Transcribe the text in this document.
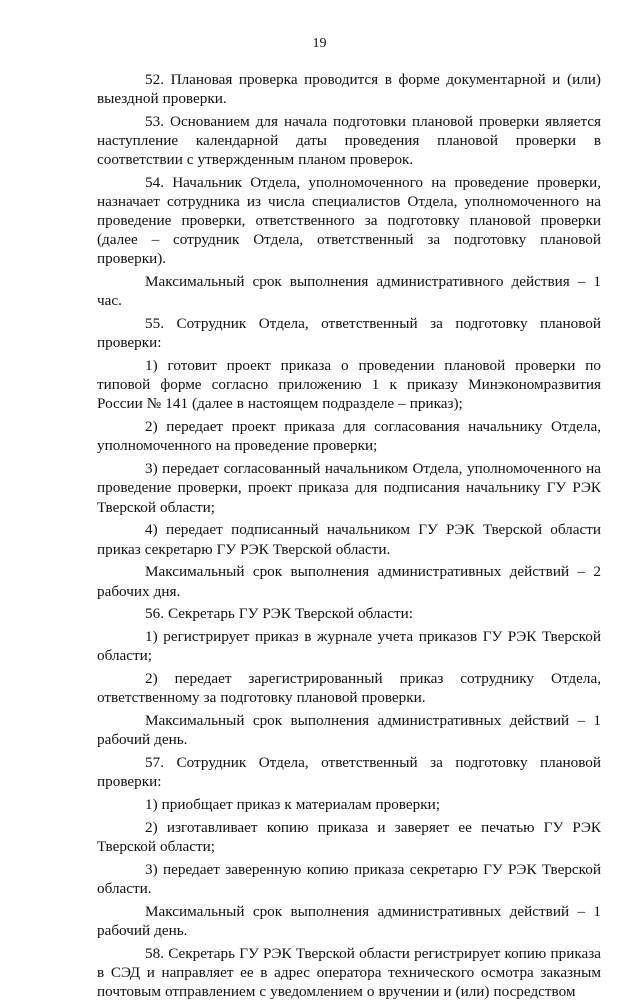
19

52. Плановая проверка проводится в форме документарной и (или) выездной проверки.

53. Основанием для начала подготовки плановой проверки является наступление календарной даты проведения плановой проверки в соответствии с утвержденным планом проверок.

54. Начальник Отдела, уполномоченного на проведение проверки, назначает сотрудника из числа специалистов Отдела, уполномоченного на проведение проверки, ответственного за подготовку плановой проверки (далее – сотрудник Отдела, ответственный за подготовку плановой проверки).

Максимальный срок выполнения административного действия – 1 час.

55. Сотрудник Отдела, ответственный за подготовку плановой проверки:

1) готовит проект приказа о проведении плановой проверки по типовой форме согласно приложению 1 к приказу Минэкономразвития России № 141 (далее в настоящем подразделе – приказ);

2) передает проект приказа для согласования начальнику Отдела, уполномоченного на проведение проверки;

3) передает согласованный начальником Отдела, уполномоченного на проведение проверки, проект приказа для подписания начальнику ГУ РЭК Тверской области;

4) передает подписанный начальником ГУ РЭК Тверской области приказ секретарю ГУ РЭК Тверской области.

Максимальный срок выполнения административных действий – 2 рабочих дня.

56. Секретарь ГУ РЭК Тверской области:

1) регистрирует приказ в журнале учета приказов ГУ РЭК Тверской области;

2) передает зарегистрированный приказ сотруднику Отдела, ответственному за подготовку плановой проверки.

Максимальный срок выполнения административных действий – 1 рабочий день.

57. Сотрудник Отдела, ответственный за подготовку плановой проверки:

1) приобщает приказ к материалам проверки;

2) изготавливает копию приказа и заверяет ее печатью ГУ РЭК Тверской области;

3) передает заверенную копию приказа секретарю ГУ РЭК Тверской области.

Максимальный срок выполнения административных действий – 1 рабочий день.

58. Секретарь ГУ РЭК Тверской области регистрирует копию приказа в СЭД и направляет ее в адрес оператора технического осмотра заказным почтовым отправлением с уведомлением о вручении и (или) посредством
